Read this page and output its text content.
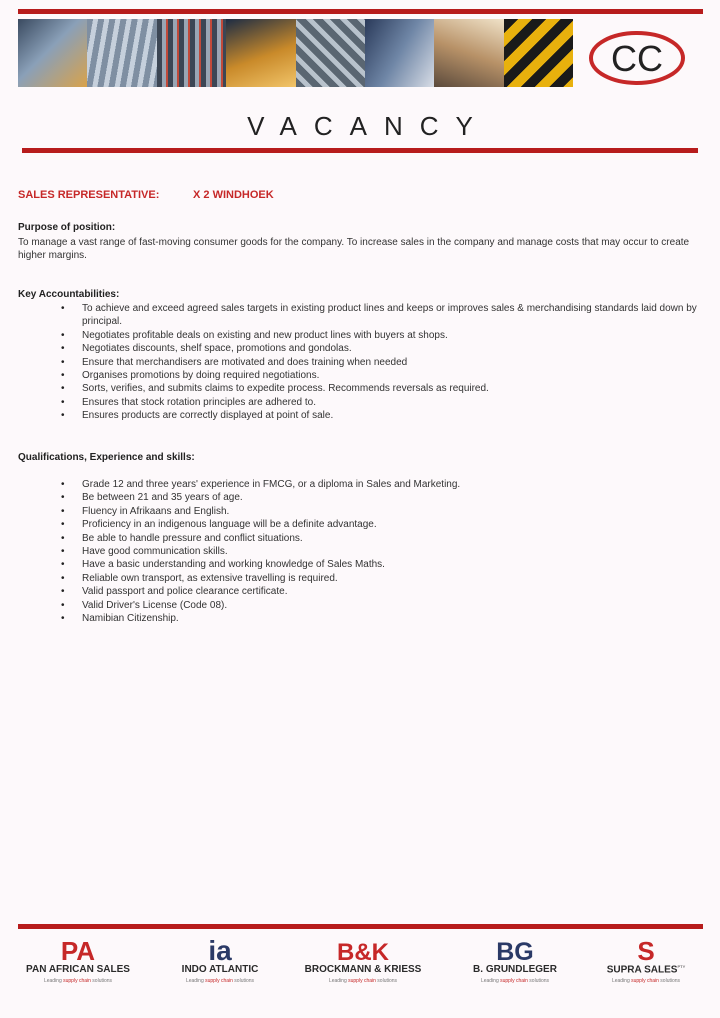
CC
VACANCY
SALES REPRESENTATIVE:	X 2 WINDHOEK
Purpose of position:
To manage a vast range of fast-moving consumer goods for the company. To increase sales in the company and manage costs that may occur to create higher margins.
Key Accountabilities:
• To achieve and exceed agreed sales targets in existing product lines and keeps or improves sales & merchandising standards laid down by principal.
• Negotiates profitable deals on existing and new product lines with buyers at shops.
• Negotiates discounts, shelf space, promotions and gondolas.
• Ensure that merchandisers are motivated and does training when needed
• Organises promotions by doing required negotiations.
• Sorts, verifies, and submits claims to expedite process. Recommends reversals as required.
• Ensures that stock rotation principles are adhered to.
• Ensures products are correctly displayed at point of sale.
Qualifications, Experience and skills:
• Grade 12 and three years' experience in FMCG, or a diploma in Sales and Marketing.
• Be between 21 and 35 years of age.
• Fluency in Afrikaans and English.
• Proficiency in an indigenous language will be a definite advantage.
• Be able to handle pressure and conflict situations.
• Have good communication skills.
• Have a basic understanding and working knowledge of Sales Maths.
• Reliable own transport, as extensive travelling is required.
• Valid passport and police clearance certificate.
• Valid Driver's License (Code 08).
• Namibian Citizenship.
PA
PAN AFRICAN SALES
Leading supply chain solutions
ia
INDO ATLANTIC
Leading supply chain solutions
B&K
BROCKMANN & KRIESS
Leading supply chain solutions
BG
B. GRUNDLEGER
Leading supply chain solutions
S
SUPRA $SALES^{PTY}$
Leading supply chain solutions
